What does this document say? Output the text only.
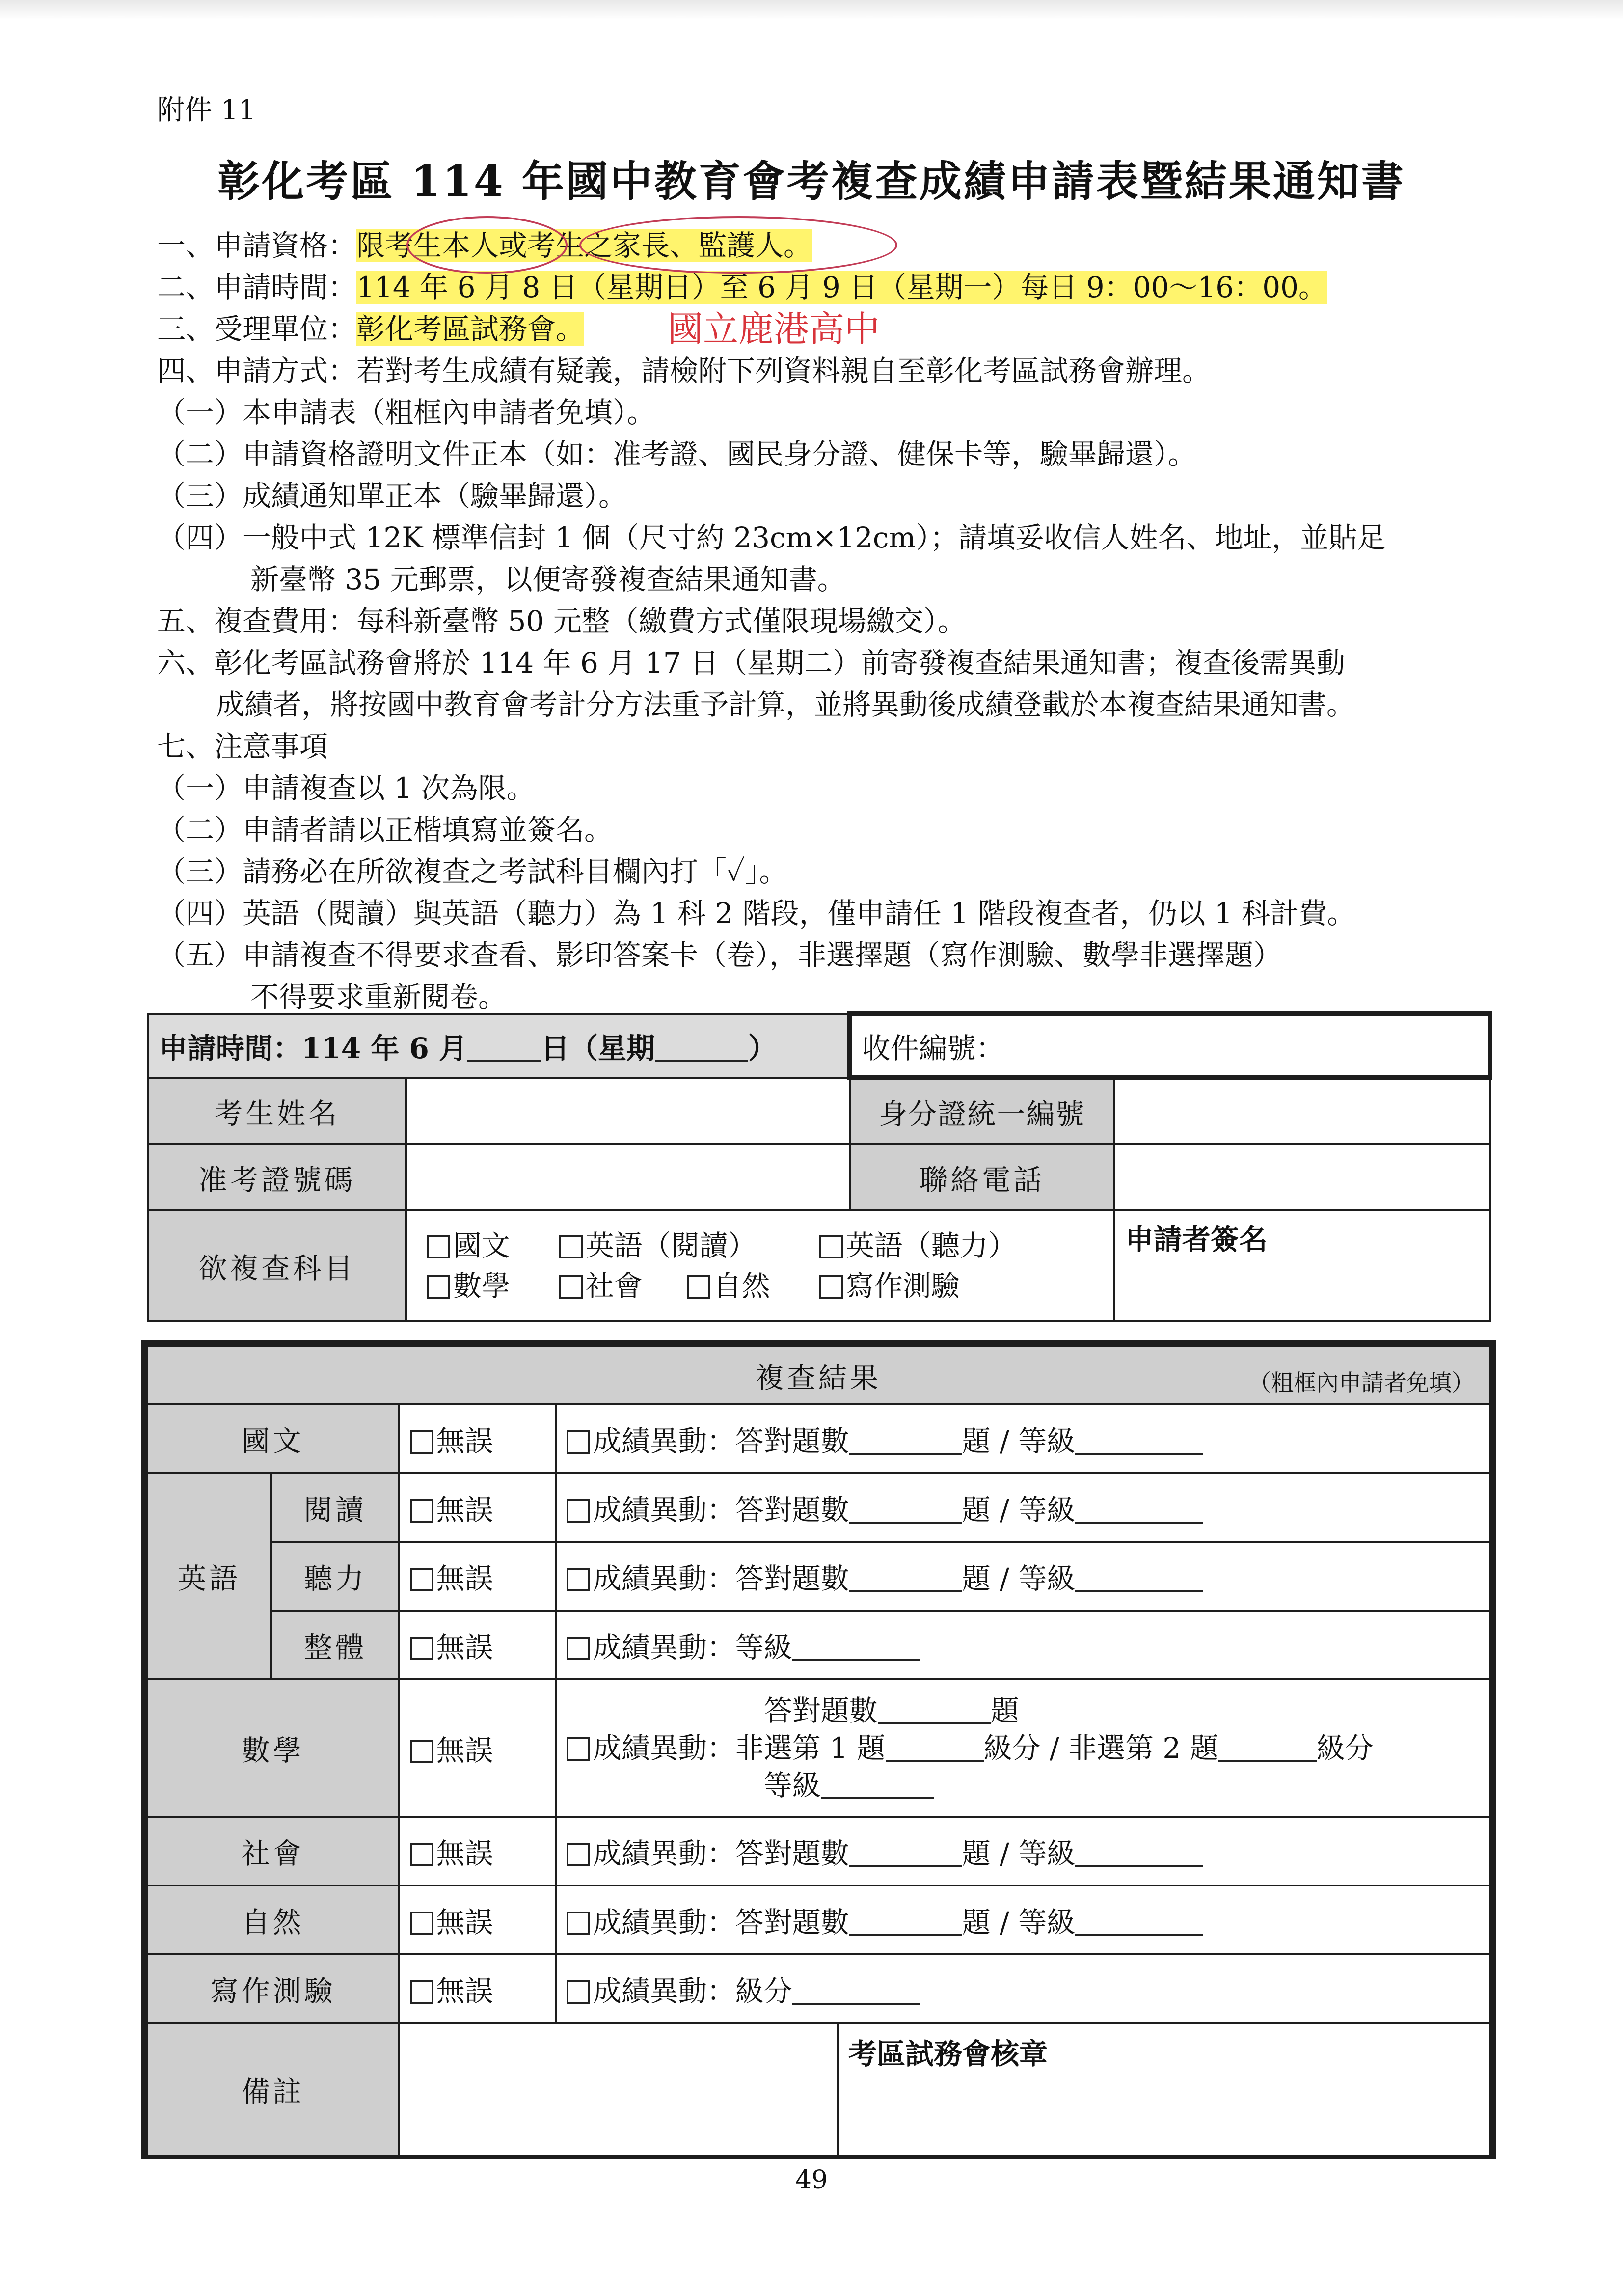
附件 11
彰化考區 114 年國中教育會考複查成績申請表暨結果通知書
一、申請資格：限考生本人或考生之家長、監護人。
二、申請時間：114 年 6 月 8 日（星期日）至 6 月 9 日（星期一）每日 9：00～16：00。
三、受理單位：彰化考區試務會。
四、申請方式：若對考生成績有疑義，請檢附下列資料親自至彰化考區試務會辦理。
（一）本申請表（粗框內申請者免填）。
（二）申請資格證明文件正本（如：准考證、國民身分證、健保卡等，驗畢歸還）。
（三）成績通知單正本（驗畢歸還）。
（四）一般中式 12K 標準信封 1 個（尺寸約 23cm×12cm）；請填妥收信人姓名、地址，並貼足
新臺幣 35 元郵票，以便寄發複查結果通知書。
五、複查費用：每科新臺幣 50 元整（繳費方式僅限現場繳交）。
六、彰化考區試務會將於 114 年 6 月 17 日（星期二）前寄發複查結果通知書；複查後需異動
成績者，將按國中教育會考計分方法重予計算，並將異動後成績登載於本複查結果通知書。
七、注意事項
（一）申請複查以 1 次為限。
（二）申請者請以正楷填寫並簽名。
（三）請務必在所欲複查之考試科目欄內打「✓」。
（四）英語（閱讀）與英語（聽力）為 1 科 2 階段，僅申請任 1 階段複查者，仍以 1 科計費。
（五）申請複查不得要求查看、影印答案卡（卷），非選擇題（寫作測驗、數學非選擇題）
不得要求重新閱卷。
國立鹿港高中
申請時間：114 年 6 月 日（星期 ）		收件編號：	
考生姓名		身分證統一編號	
准考證號碼		聯絡電話	
欲複查科目	國文 英語（閱讀） 英語（聽力）
數學 社會 自然 寫作測驗		申請者簽名
複查結果 （粗框內申請者免填）				

國文		無誤	成績異動：答對題數 題 / 等級	
英語	閱讀	無誤	成績異動：答對題數 題 / 等級	
	聽力	無誤	成績異動：答對題數 題 / 等級	
	整體	無誤	成績異動：等級	
數學		無誤	答對題數 題
成績異動：非選第 1 題 級分 / 非選第 2 題 級分
等級	
社會		無誤	成績異動：答對題數 題 / 等級	
自然		無誤	成績異動：答對題數 題 / 等級	
寫作測驗		無誤	成績異動：級分	
備註				考區試務會核章
49
